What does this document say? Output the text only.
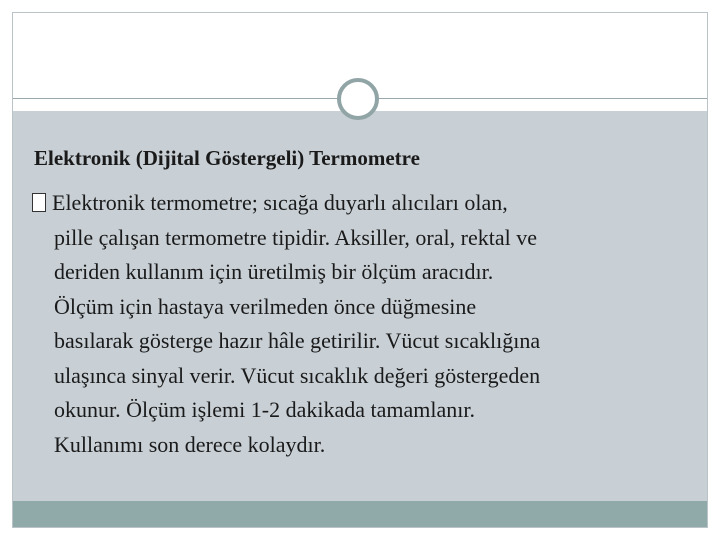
Elektronik (Dijital Göstergeli) Termometre
Elektronik termometre; sıcağa duyarlı alıcıları olan,
pille çalışan termometre tipidir. Aksiller, oral, rektal ve
deriden kullanım için üretilmiş bir ölçüm aracıdır.
Ölçüm için hastaya verilmeden önce düğmesine
basılarak gösterge hazır hâle getirilir. Vücut sıcaklığına
ulaşınca sinyal verir. Vücut sıcaklık değeri göstergeden
okunur. Ölçüm işlemi 1-2 dakikada tamamlanır.
Kullanımı son derece kolaydır.
